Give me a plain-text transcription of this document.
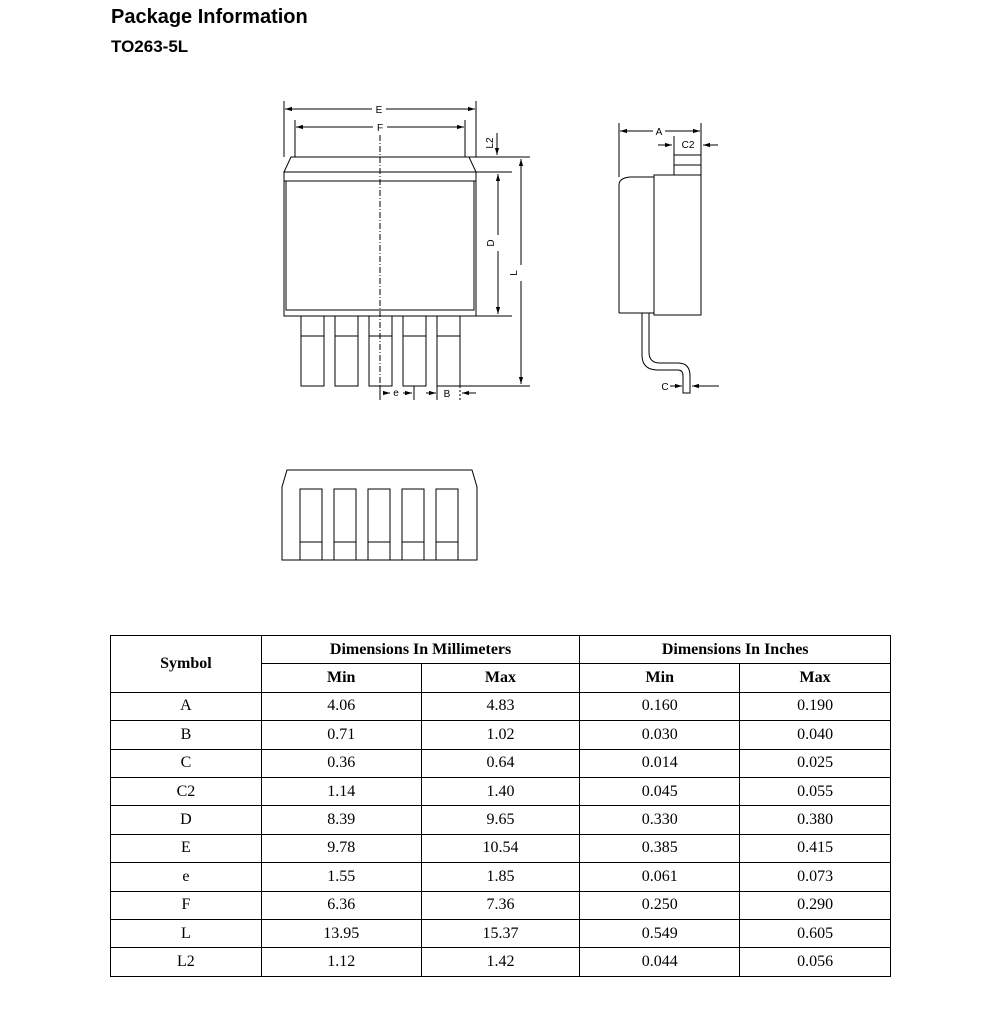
Package Information
TO263-5L
E
F
L2
D
L
e	B
A
C2
C
Symbol	Dimensions In Millimeters		Dimensions In Inches	
	Min	Max	Min	Max
A	4.06	4.83	0.160	0.190
B	0.71	1.02	0.030	0.040
C	0.36	0.64	0.014	0.025
C2	1.14	1.40	0.045	0.055
D	8.39	9.65	0.330	0.380
E	9.78	10.54	0.385	0.415
e	1.55	1.85	0.061	0.073
F	6.36	7.36	0.250	0.290
L	13.95	15.37	0.549	0.605
L2	1.12	1.42	0.044	0.056
